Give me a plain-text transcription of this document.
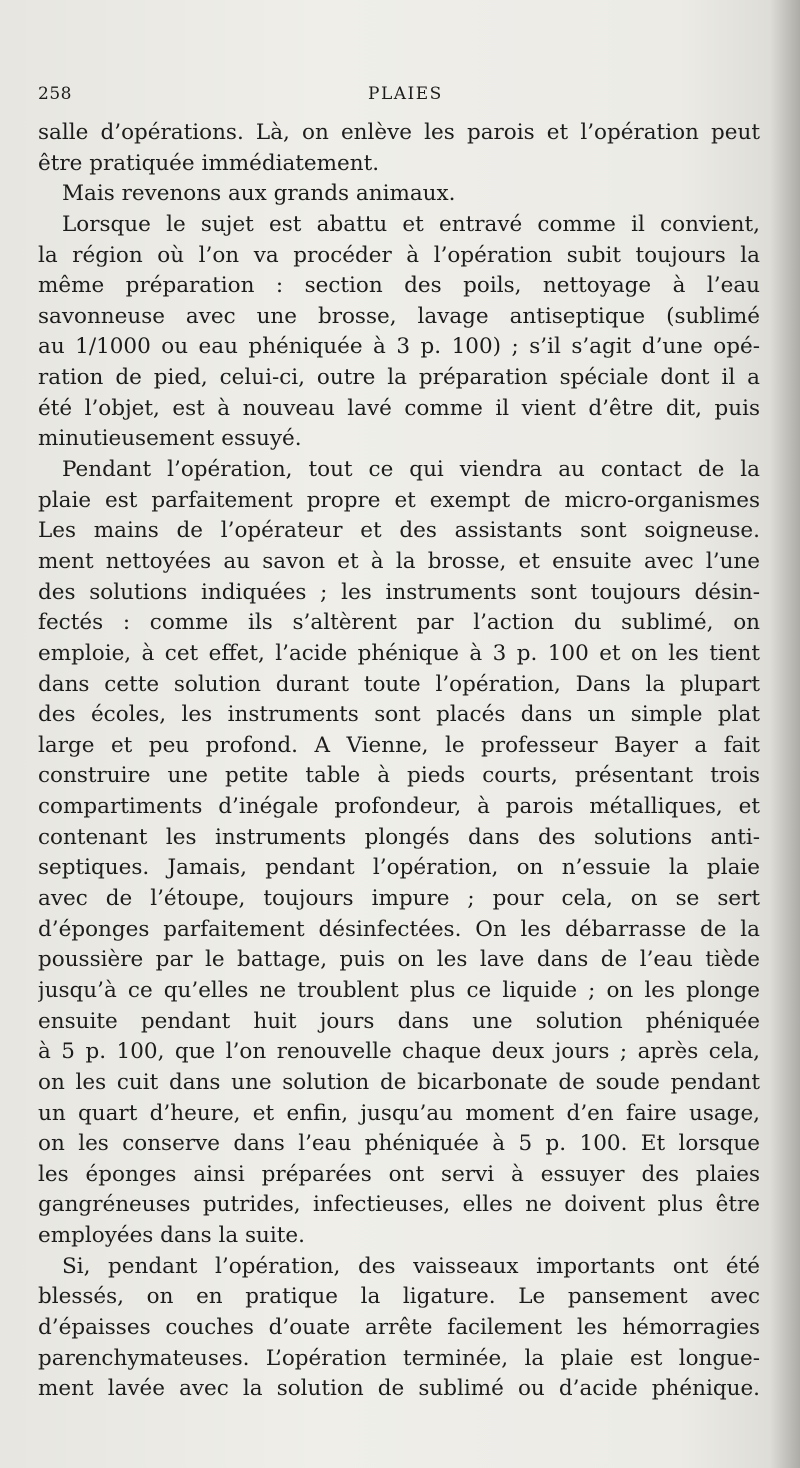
258	PLAIES
salle d’opérations. Là, on enlève les parois et l’opération peut
être pratiquée immédiatement.
Mais revenons aux grands animaux.
Lorsque le sujet est abattu et entravé comme il convient,
la région où l’on va procéder à l’opération subit toujours la
même préparation : section des poils, nettoyage à l’eau
savonneuse avec une brosse, lavage antiseptique (sublimé
au 1/1000 ou eau phéniquée à 3 p. 100) ; s’il s’agit d’une opé-
ration de pied, celui-ci, outre la préparation spéciale dont il a
été l’objet, est à nouveau lavé comme il vient d’être dit, puis
minutieusement essuyé.
Pendant l’opération, tout ce qui viendra au contact de la
plaie est parfaitement propre et exempt de micro-organismes
Les mains de l’opérateur et des assistants sont soigneuse.
ment nettoyées au savon et à la brosse, et ensuite avec l’une
des solutions indiquées ; les instruments sont toujours désin-
fectés : comme ils s’altèrent par l’action du sublimé, on
emploie, à cet effet, l’acide phénique à 3 p. 100 et on les tient
dans cette solution durant toute l’opération, Dans la plupart
des écoles, les instruments sont placés dans un simple plat
large et peu profond. A Vienne, le professeur Bayer a fait
construire une petite table à pieds courts, présentant trois
compartiments d’inégale profondeur, à parois métalliques, et
contenant les instruments plongés dans des solutions anti-
septiques. Jamais, pendant l’opération, on n’essuie la plaie
avec de l’étoupe, toujours impure ; pour cela, on se sert
d’éponges parfaitement désinfectées. On les débarrasse de la
poussière par le battage, puis on les lave dans de l’eau tiède
jusqu’à ce qu’elles ne troublent plus ce liquide ; on les plonge
ensuite pendant huit jours dans une solution phéniquée
à 5 p. 100, que l’on renouvelle chaque deux jours ; après cela,
on les cuit dans une solution de bicarbonate de soude pendant
un quart d’heure, et enfin, jusqu’au moment d’en faire usage,
on les conserve dans l’eau phéniquée à 5 p. 100. Et lorsque
les éponges ainsi préparées ont servi à essuyer des plaies
gangréneuses putrides, infectieuses, elles ne doivent plus être
employées dans la suite.
Si, pendant l’opération, des vaisseaux importants ont été
blessés, on en pratique la ligature. Le pansement avec
d’épaisses couches d’ouate arrête facilement les hémorragies
parenchymateuses. L’opération terminée, la plaie est longue-
ment lavée avec la solution de sublimé ou d’acide phénique.
